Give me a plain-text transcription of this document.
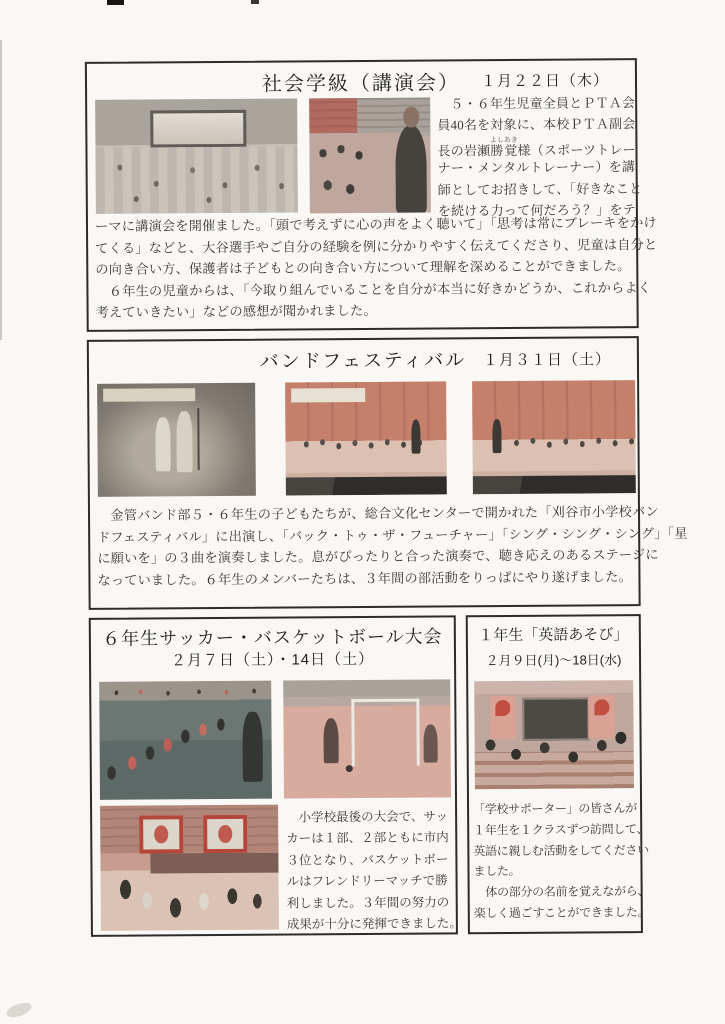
社会学級（講演会）	１月２２日（木）
　５・６年生児童全員とＰＴＡ会
員40名を対象に、本校ＰＴＡ副会
長の岩瀬勝覚よしあき様（スポーツトレー
ナー・メンタルトレーナー）を講
師としてお招きして、「好きなこと
を続ける力って何だろう？」をテ
ーマに講演会を開催ました。「頭で考えずに心の声をよく聴いて」「思考は常にブレーキをかけ
てくる」などと、大谷選手やご自分の経験を例に分かりやすく伝えてくださり、児童は自分と
の向き合い方、保護者は子どもとの向き合い方について理解を深めることができました。
　６年生の児童からは、「今取り組んでいることを自分が本当に好きかどうか、これからよく
考えていきたい」などの感想が聞かれました。
バンドフェスティバル	１月３１日（土）
　金管バンド部５・６年生の子どもたちが、総合文化センターで開かれた「刈谷市小学校バン
ドフェスティバル」に出演し、「バック・トゥ・ザ・フューチャー」「シング・シング・シング」「星
に願いを」の３曲を演奏しました。息がぴったりと合った演奏で、聴き応えのあるステージに
なっていました。６年生のメンバーたちは、３年間の部活動をりっぱにやり遂げました。
６年生サッカー・バスケットボール大会
２月７日（土）・14日（土）
　小学校最後の大会で、サッ
カーは１部、２部ともに市内
３位となり、バスケットボー
ルはフレンドリーマッチで勝
利しました。３年間の努力の
成果が十分に発揮できました。
１年生「英語あそび」
２月９日(月)～18日(水)
「学校サポーター」の皆さんが
１年生を１クラスずつ訪問して、
英語に親しむ活動をしてください
ました。
　体の部分の名前を覚えながら、
楽しく過ごすことができました。
